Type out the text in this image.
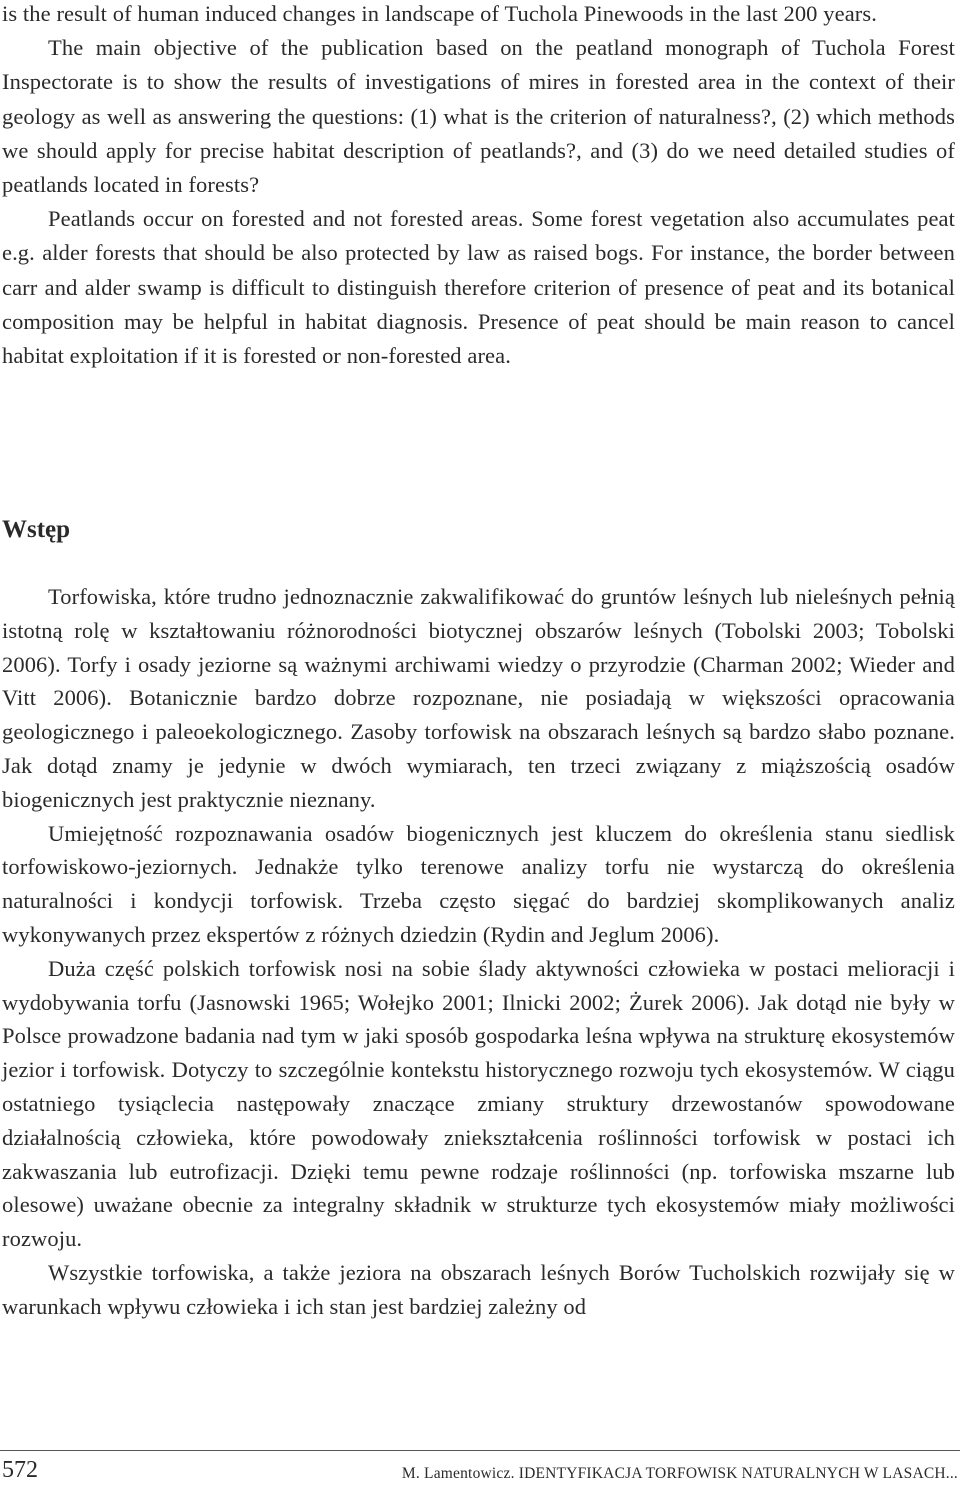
is the result of human induced changes in landscape of Tuchola Pinewoods in the last 200 years.

The main objective of the publication based on the peatland monograph of Tuchola Forest Inspectorate is to show the results of investigations of mires in forested area in the context of their geology as well as answering the questions: (1) what is the criterion of naturalness?, (2) which methods we should apply for precise habitat description of peatlands?, and (3) do we need detailed studies of peatlands located in forests?

Peatlands occur on forested and not forested areas. Some forest vegetation also accumulates peat e.g. alder forests that should be also protected by law as raised bogs. For instance, the border between carr and alder swamp is difficult to distinguish therefore criterion of presence of peat and its botanical composition may be helpful in habitat diagnosis. Presence of peat should be main reason to cancel habitat exploitation if it is forested or non-forested area.

Wstęp

Torfowiska, które trudno jednoznacznie zakwalifikować do gruntów leśnych lub nieleśnych pełnią istotną rolę w kształtowaniu różnorodności biotycznej obszarów leśnych (Tobolski 2003; Tobolski 2006). Torfy i osady jeziorne są ważnymi archiwami wiedzy o przyrodzie (Charman 2002; Wieder and Vitt 2006). Botanicznie bardzo dobrze rozpoznane, nie posiadają w większości opracowania geologicznego i paleoekologicznego. Zasoby torfowisk na obszarach leśnych są bardzo słabo poznane. Jak dotąd znamy je jedynie w dwóch wymiarach, ten trzeci związany z miąższością osadów biogenicznych jest praktycznie nieznany.

Umiejętność rozpoznawania osadów biogenicznych jest kluczem do określenia stanu siedlisk torfowiskowo-jeziornych. Jednakże tylko terenowe analizy torfu nie wystarczą do określenia naturalności i kondycji torfowisk. Trzeba często sięgać do bardziej skomplikowanych analiz wykonywanych przez ekspertów z różnych dziedzin (Rydin and Jeglum 2006).

Duża część polskich torfowisk nosi na sobie ślady aktywności człowieka w postaci melioracji i wydobywania torfu (Jasnowski 1965; Wołejko 2001; Ilnicki 2002; Żurek 2006). Jak dotąd nie były w Polsce prowadzone badania nad tym w jaki sposób gospodarka leśna wpływa na strukturę ekosystemów jezior i torfowisk. Dotyczy to szczególnie kontekstu historycznego rozwoju tych ekosystemów. W ciągu ostatniego tysiąclecia następowały znaczące zmiany struktury drzewostanów spowodowane działalnością człowieka, które powodowały zniekształcenia roślinności torfowisk w postaci ich zakwaszania lub eutrofizacji. Dzięki temu pewne rodzaje roślinności (np. torfowiska mszarne lub olesowe) uważane obecnie za integralny składnik w strukturze tych ekosystemów miały możliwości rozwoju.

Wszystkie torfowiska, a także jeziora na obszarach leśnych Borów Tucholskich rozwijały się w warunkach wpływu człowieka i ich stan jest bardziej zależny od

572	M. Lamentowicz. IDENTYFIKACJA TORFOWISK NATURALNYCH W LASACH...
